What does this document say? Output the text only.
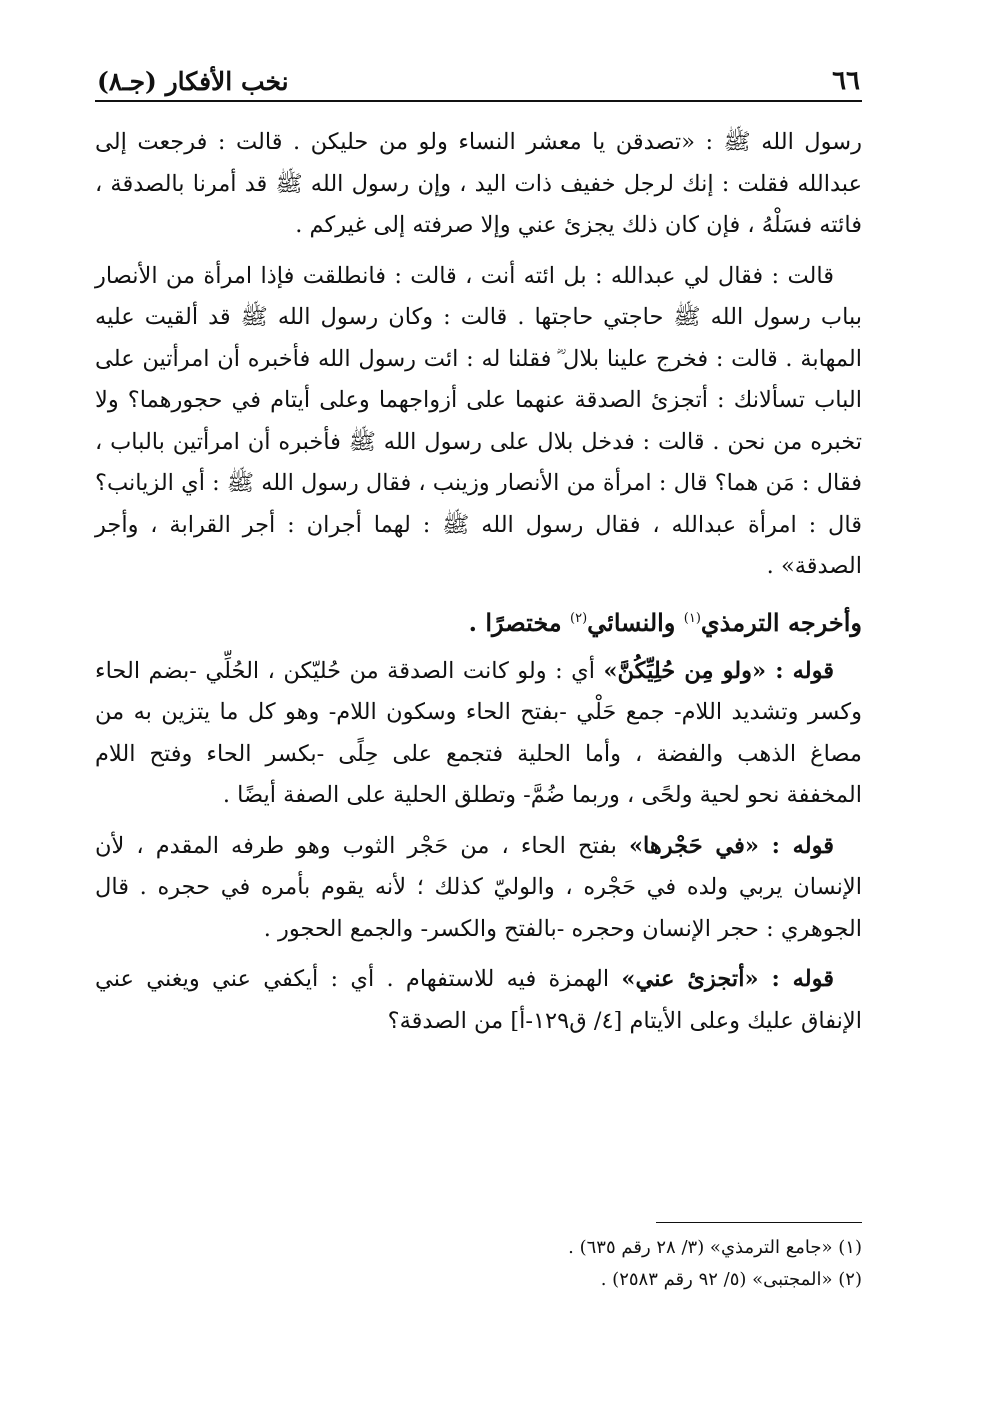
٦٦
نخب الأفكار (جـ٨)

رسول الله ﷺ : «تصدقن يا معشر النساء ولو من حليكن . قالت : فرجعت إلى عبدالله فقلت : إنك لرجل خفيف ذات اليد ، وإن رسول الله ﷺ قد أمرنا بالصدقة ، فائته فسَلْهُ ، فإن كان ذلك يجزئ عني وإلا صرفته إلى غيركم .

قالت : فقال لي عبدالله : بل ائته أنت ، قالت : فانطلقت فإذا امرأة من الأنصار بباب رسول الله ﷺ حاجتي حاجتها . قالت : وكان رسول الله ﷺ قد ألقيت عليه المهابة . قالت : فخرج علينا بلال ؓ فقلنا له : ائت رسول الله فأخبره أن امرأتين على الباب تسألانك : أتجزئ الصدقة عنهما على أزواجهما وعلى أيتام في حجورهما؟ ولا تخبره من نحن . قالت : فدخل بلال على رسول الله ﷺ فأخبره أن امرأتين بالباب ، فقال : مَن هما؟ قال : امرأة من الأنصار وزينب ، فقال رسول الله ﷺ : أي الزيانب؟ قال : امرأة عبدالله ، فقال رسول الله ﷺ : لهما أجران : أجر القرابة ، وأجر الصدقة» .

وأخرجه الترمذي$^{(١)}$ والنسائي$^{(٢)}$ مختصرًا .

قوله : «ولو مِن حُلِيِّكُنَّ» أي : ولو كانت الصدقة من حُليّكن ، الحُلِّي -بضم الحاء وكسر وتشديد اللام- جمع حَلْي -بفتح الحاء وسكون اللام- وهو كل ما يتزين به من مصاغ الذهب والفضة ، وأما الحلية فتجمع على حِلًى -بكسر الحاء وفتح اللام المخففة نحو لحية ولحًى ، وربما ضُمَّ- وتطلق الحلية على الصفة أيضًا .

قوله : «في حَجْرها» بفتح الحاء ، من حَجْر الثوب وهو طرفه المقدم ، لأن الإنسان يربي ولده في حَجْره ، والوليّ كذلك ؛ لأنه يقوم بأمره في حجره . قال الجوهري : حجر الإنسان وحجره -بالفتح والكسر- والجمع الحجور .

قوله : «أتجزئ عني» الهمزة فيه للاستفهام . أي : أيكفي عني ويغني عني الإنفاق عليك وعلى الأيتام [٤/ ق١٢٩-أ] من الصدقة؟

(١) «جامع الترمذي» (٣/ ٢٨ رقم ٦٣٥) .
(٢) «المجتبى» (٥/ ٩٢ رقم ٢٥٨٣) .
